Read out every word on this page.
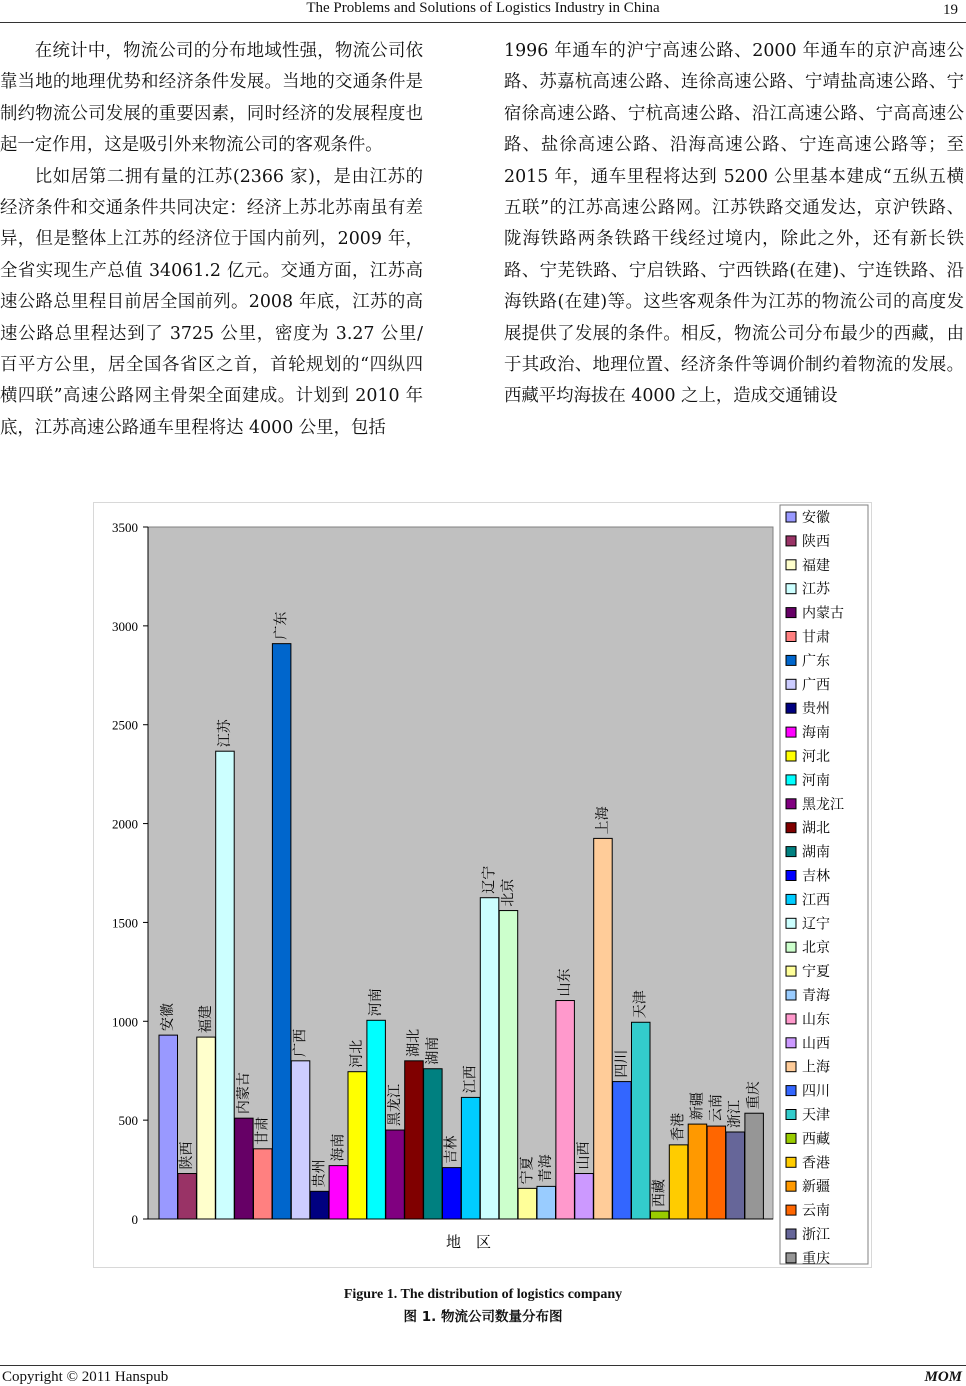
The Problems and Solutions of Logistics Industry in China	19

在统计中，物流公司的分布地域性强，物流公司依靠当地的地理优势和经济条件发展。当地的交通条件是制约物流公司发展的重要因素，同时经济的发展程度也起一定作用，这是吸引外来物流公司的客观条件。

比如居第二拥有量的江苏(2366 家)，是由江苏的经济条件和交通条件共同决定：经济上苏北苏南虽有差异，但是整体上江苏的经济位于国内前列，2009 年，全省实现生产总值 34061.2 亿元。交通方面，江苏高速公路总里程目前居全国前列。2008 年底，江苏的高速公路总里程达到了 3725 公里，密度为 3.27 公里/百平方公里，居全国各省区之首，首轮规划的“四纵四横四联”高速公路网主骨架全面建成。计划到 2010 年底，江苏高速公路通车里程将达 4000 公里，包括

1996 年通车的沪宁高速公路、2000 年通车的京沪高速公路、苏嘉杭高速公路、连徐高速公路、宁靖盐高速公路、宁宿徐高速公路、宁杭高速公路、沿江高速公路、宁高高速公路、盐徐高速公路、沿海高速公路、宁连高速公路等；至 2015 年，通车里程将达到 5200 公里基本建成“五纵五横五联”的江苏高速公路网。江苏铁路交通发达，京沪铁路、陇海铁路两条铁路干线经过境内，除此之外，还有新长铁路、宁芜铁路、宁启铁路、宁西铁路(在建)、宁连铁路、沿海铁路(在建)等。这些客观条件为江苏的物流公司的高度发展提供了发展的条件。相反，物流公司分布最少的西藏，由于其政治、地理位置、经济条件等调价制约着物流的发展。西藏平均海拔在 4000 之上，造成交通铺设

0
500
1000
1500
2000
2500
3000
3500
安徽
陕西
福建
江苏
内蒙古
甘肃
广东
广西
贵州
海南
河北
河南
黑龙江
湖北 湖南
吉林
江西
辽宁 北京
宁夏 青海
山东
山西
上海
四川
天津
西藏
香港
新疆 云南 浙江
重庆
地　区
安徽
陕西
福建
江苏
内蒙古
甘肃
广东
广西
贵州
海南
河北
河南
黑龙江
湖北
湖南
吉林
江西
辽宁
北京
宁夏
青海
山东
山西
上海
四川
天津
西藏
香港
新疆
云南
浙江
重庆
Figure 1. The distribution of logistics company
图 1. 物流公司数量分布图
Copyright © 2011 Hanspub	MOM
